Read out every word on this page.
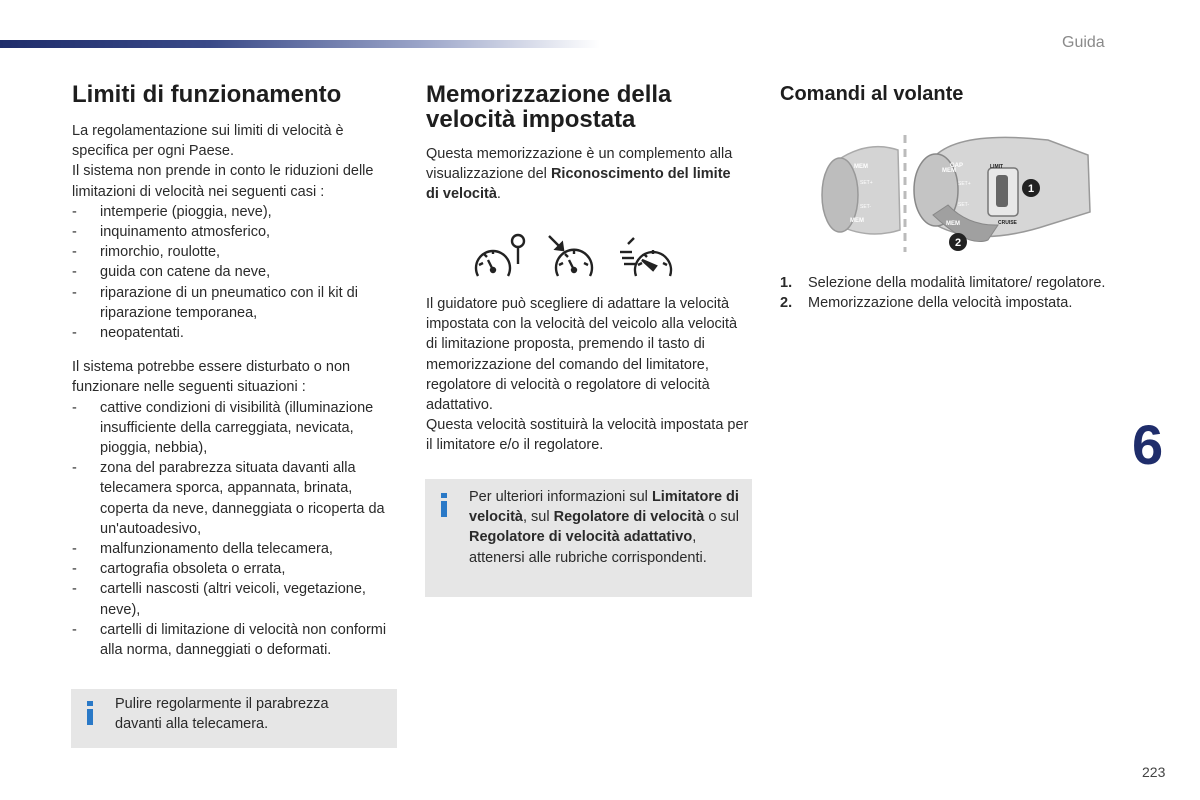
Guida
Limiti di funzionamento

La regolamentazione sui limiti di velocità è specifica per ogni Paese.

Il sistema non prende in conto le riduzioni delle limitazioni di velocità nei seguenti casi :

- intemperie (pioggia, neve),
- inquinamento atmosferico,
- rimorchio, roulotte,
- guida con catene da neve,
- riparazione di un pneumatico con il kit di riparazione temporanea,
- neopatentati.

Il sistema potrebbe essere disturbato o non funzionare nelle seguenti situazioni :

- cattive condizioni di visibilità (illuminazione insufficiente della carreggiata, nevicata, pioggia, nebbia),
- zona del parabrezza situata davanti alla telecamera sporca, appannata, brinata, coperta da neve, danneggiata o ricoperta da un'autoadesivo,
- malfunzionamento della telecamera,
- cartografia obsoleta o errata,
- cartelli nascosti (altri veicoli, vegetazione, neve),
- cartelli di limitazione di velocità non conformi alla norma, danneggiati o deformati.
Pulire regolarmente il parabrezza davanti alla telecamera.
Memorizzazione della
velocità impostata

Questa memorizzazione è un complemento alla visualizzazione del Riconoscimento del limite di velocità.

Il guidatore può scegliere di adattare la velocità impostata con la velocità del veicolo alla velocità di limitazione proposta, premendo il tasto di memorizzazione del comando del limitatore, regolatore di velocità o regolatore di velocità adattativo.

Questa velocità sostituirà la velocità impostata per il limitatore e/o il regolatore.

Per ulteriori informazioni sul Limitatore di velocità, sul Regolatore di velocità o sul Regolatore di velocità adattativo, attenersi alle rubriche corrispondenti.
Comandi al volante
MEM
SET+
SET-
MEM
MEM
GAP
SET+
SET-
MEM
LIMIT
CRUISE
1
2
1. Selezione della modalità limitatore/ regolatore.
2. Memorizzazione della velocità impostata.
6
223
